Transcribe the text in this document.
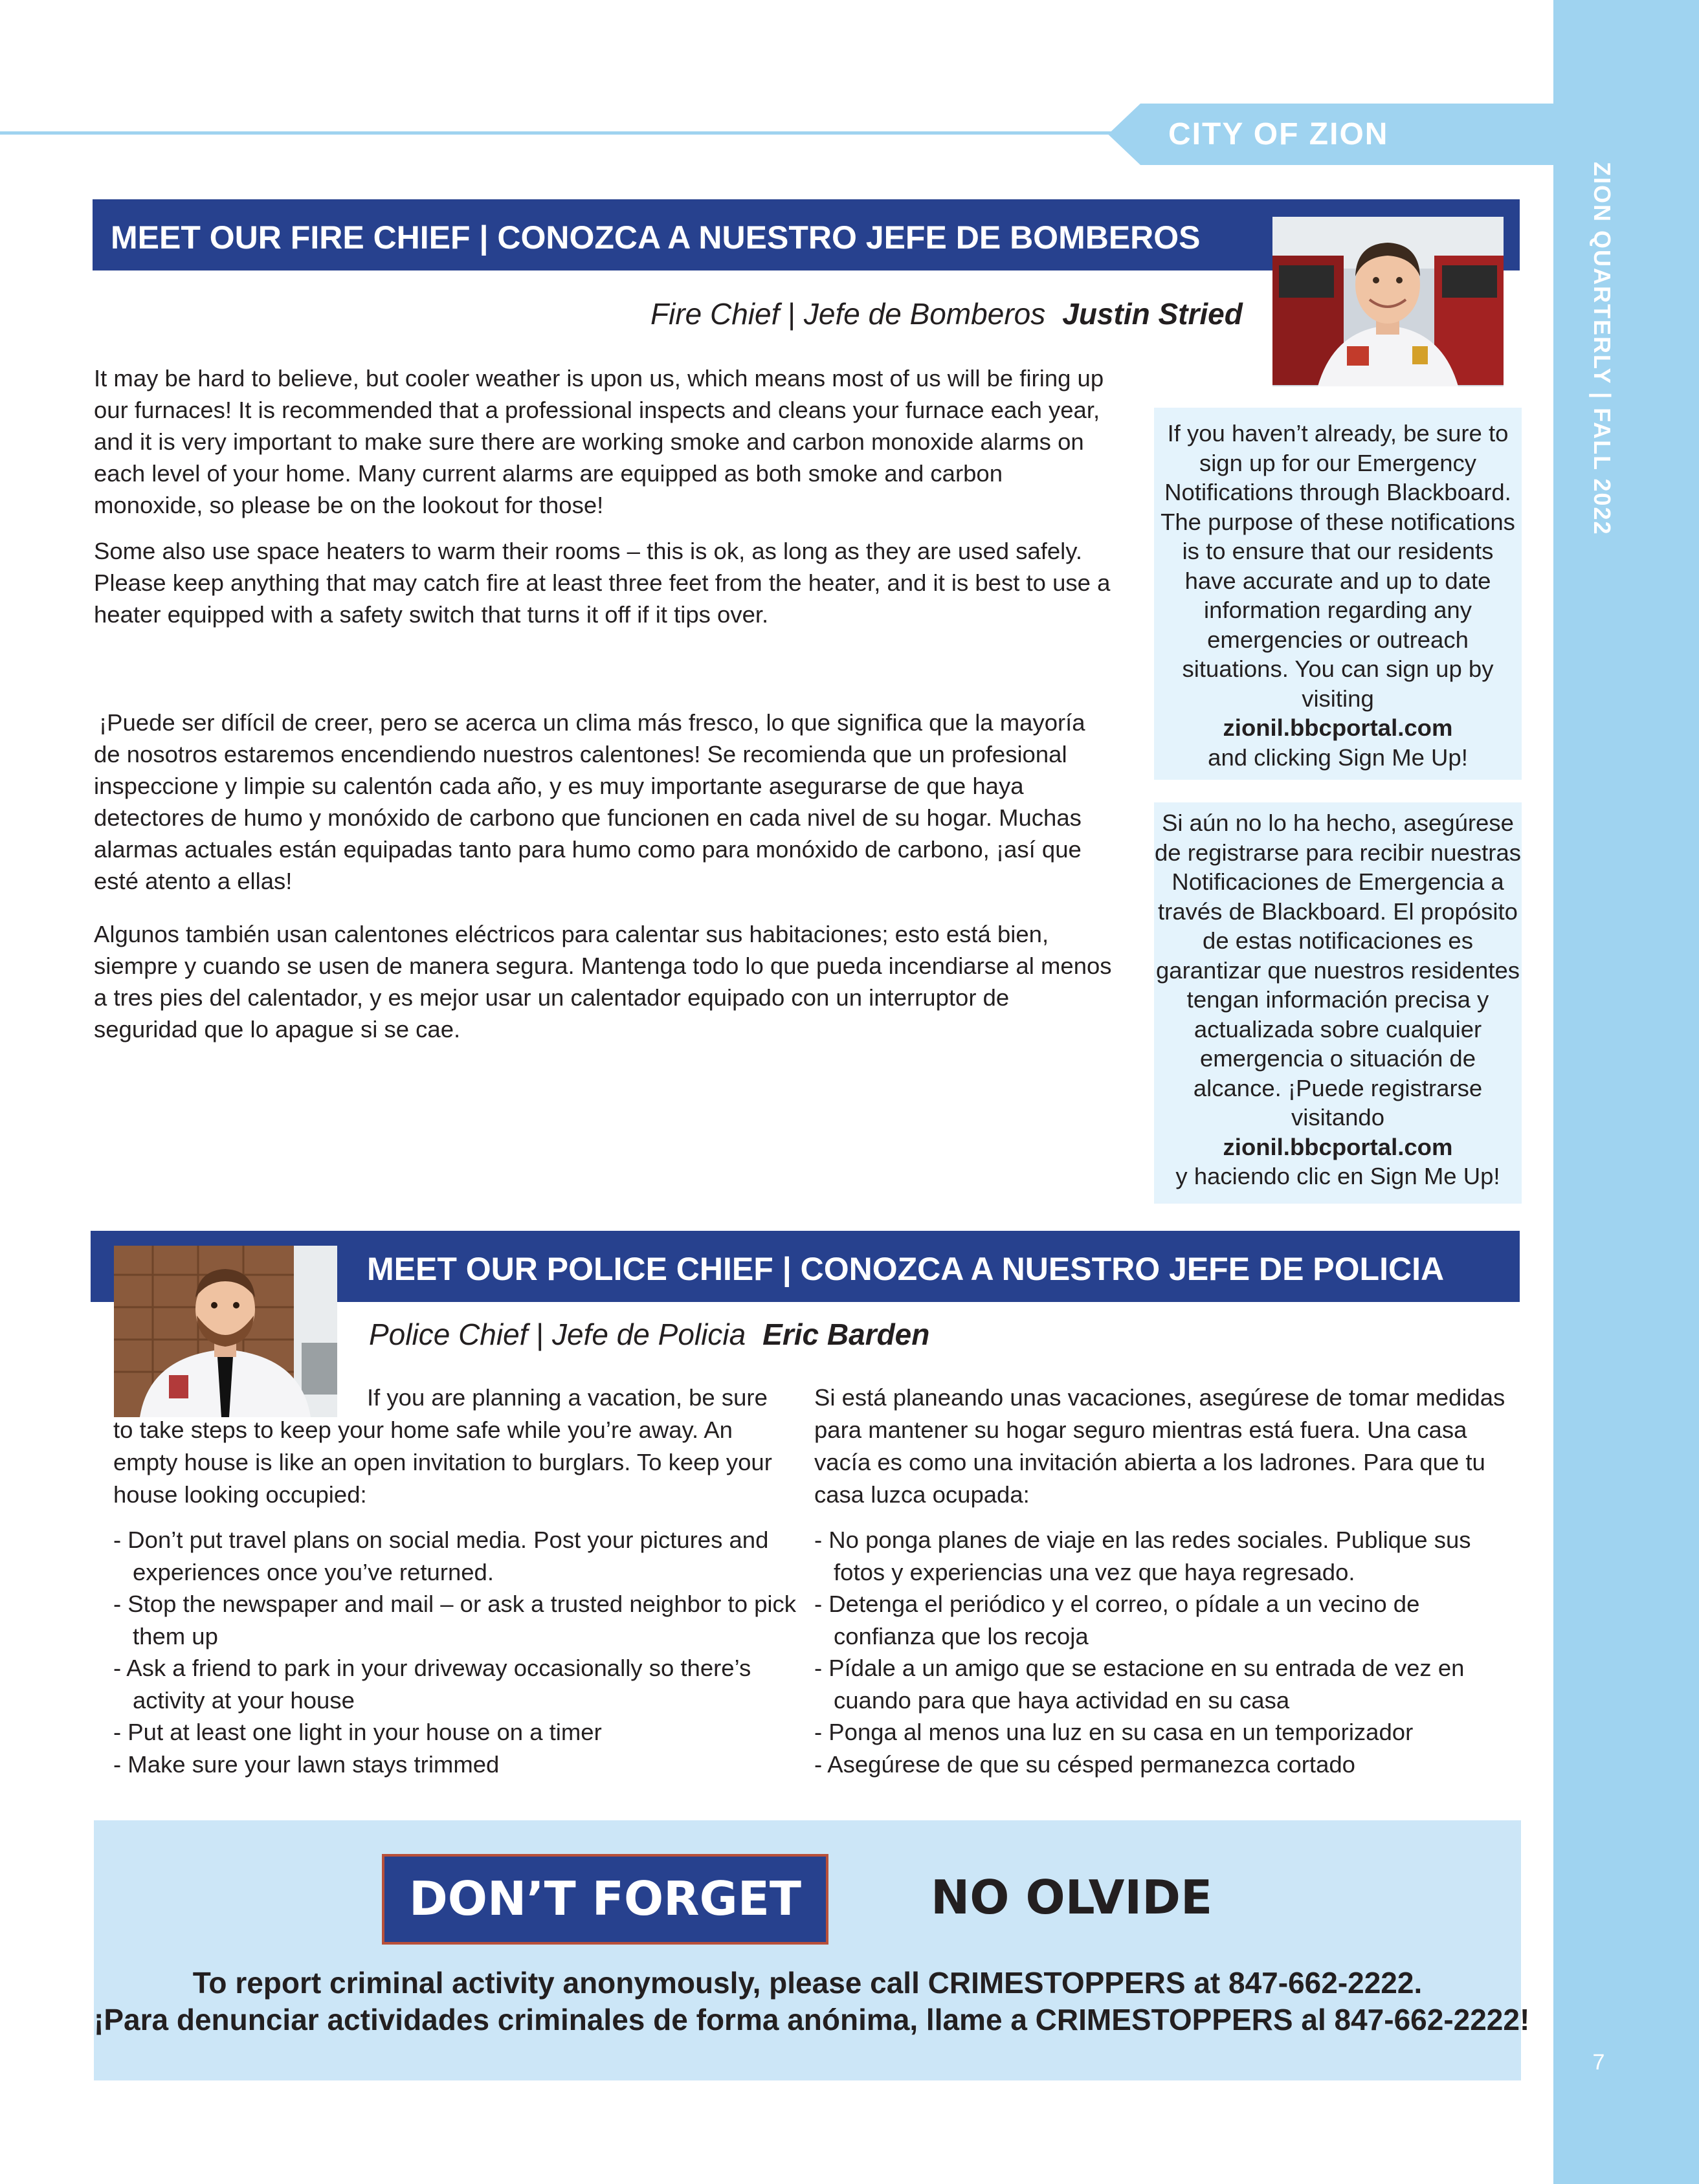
ZION QUARTERLY | FALL 2022
7
CITY OF ZION
MEET OUR FIRE CHIEF | CONOZCA A NUESTRO JEFE DE BOMBEROS
Fire Chief | Jefe de Bomberos Justin Stried
It may be hard to believe, but cooler weather is upon us, which means most of us will be firing up our furnaces! It is recommended that a professional inspects and cleans your furnace each year, and it is very important to make sure there are working smoke and carbon monoxide alarms on each level of your home. Many current alarms are equipped as both smoke and carbon monoxide, so please be on the lookout for those!
Some also use space heaters to warm their rooms – this is ok, as long as they are used safely. Please keep anything that may catch fire at least three feet from the heater, and it is best to use a heater equipped with a safety switch that turns it off if it tips over.
¡Puede ser difícil de creer, pero se acerca un clima más fresco, lo que significa que la mayoría de nosotros estaremos encendiendo nuestros calentones! Se recomienda que un profesional inspeccione y limpie su calentón cada año, y es muy importante asegurarse de que haya detectores de humo y monóxido de carbono que funcionen en cada nivel de su hogar. Muchas alarmas actuales están equipadas tanto para humo como para monóxido de carbono, ¡así que esté atento a ellas!
Algunos también usan calentones eléctricos para calentar sus habitaciones; esto está bien, siempre y cuando se usen de manera segura. Mantenga todo lo que pueda incendiarse al menos a tres pies del calentador, y es mejor usar un calentador equipado con un interruptor de seguridad que lo apague si se cae.
If you haven’t already, be sure to sign up for our Emergency Notifications through Blackboard. The purpose of these notifications is to ensure that our residents have accurate and up to date information regarding any emergencies or outreach situations. You can sign up by visiting
zionil.bbcportal.com
and clicking Sign Me Up!
Si aún no lo ha hecho, asegúrese de registrarse para recibir nuestras Notificaciones de Emergencia a través de Blackboard. El propósito de estas notificaciones es garantizar que nuestros residentes tengan información precisa y actualizada sobre cualquier emergencia o situación de alcance. ¡Puede registrarse visitando
zionil.bbcportal.com
y haciendo clic en Sign Me Up!
MEET OUR POLICE CHIEF | CONOZCA A NUESTRO JEFE DE POLICIA
Police Chief | Jefe de Policia Eric Barden
If you are planning a vacation, be sure to take steps to keep your home safe while you’re away. An empty house is like an open invitation to burglars. To keep your house looking occupied:
- Don’t put travel plans on social media. Post your pictures and experiences once you’ve returned.
- Stop the newspaper and mail – or ask a trusted neighbor to pick them up
- Ask a friend to park in your driveway occasionally so there’s activity at your house
- Put at least one light in your house on a timer
- Make sure your lawn stays trimmed
Si está planeando unas vacaciones, asegúrese de tomar medidas para mantener su hogar seguro mientras está fuera. Una casa vacía es como una invitación abierta a los ladrones. Para que tu casa luzca ocupada:
- No ponga planes de viaje en las redes sociales. Publique sus fotos y experiencias una vez que haya regresado.
- Detenga el periódico y el correo, o pídale a un vecino de confianza que los recoja
- Pídale a un amigo que se estacione en su entrada de vez en cuando para que haya actividad en su casa
- Ponga al menos una luz en su casa en un temporizador
- Asegúrese de que su césped permanezca cortado
DON’T FORGET	NO OLVIDE
To report criminal activity anonymously, please call CRIMESTOPPERS at 847-662-2222.
¡Para denunciar actividades criminales de forma anónima, llame a CRIMESTOPPERS al 847-662-2222!
